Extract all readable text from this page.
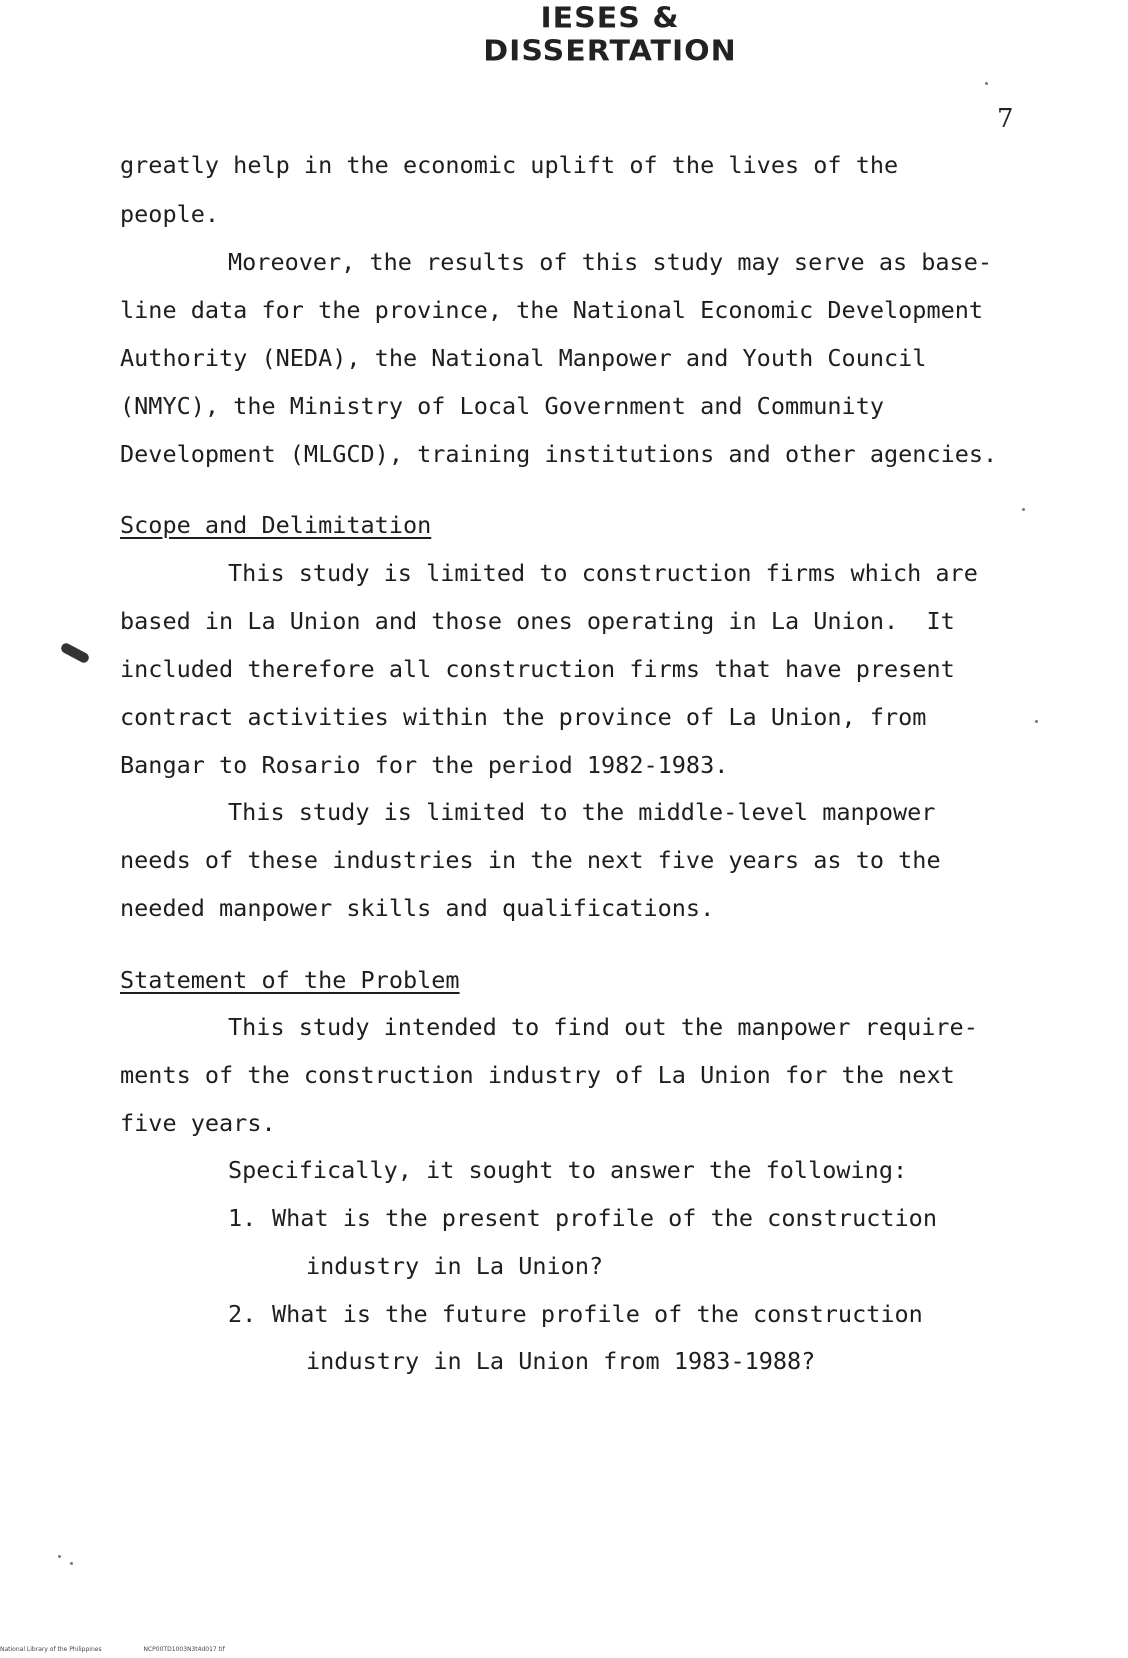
IESES & DISSERTATION
7
greatly help in the economic uplift of the lives of the
people.
Moreover, the results of this study may serve as base-
line data for the province, the National Economic Development
Authority (NEDA), the National Manpower and Youth Council
(NMYC), the Ministry of Local Government and Community
Development (MLGCD), training institutions and other agencies.
Scope and Delimitation
This study is limited to construction firms which are
based in La Union and those ones operating in La Union.  It
included therefore all construction firms that have present
contract activities within the province of La Union, from
Bangar to Rosario for the period 1982-1983.
This study is limited to the middle-level manpower
needs of these industries in the next five years as to the
needed manpower skills and qualifications.
Statement of the Problem
This study intended to find out the manpower require-
ments of the construction industry of La Union for the next
five years.
Specifically, it sought to answer the following:
1. What is the present profile of the construction
industry in La Union?
2. What is the future profile of the construction
industry in La Union from 1983-1988?
National Library of the Philippines	NCP00TD1003N3t4d017 tif
